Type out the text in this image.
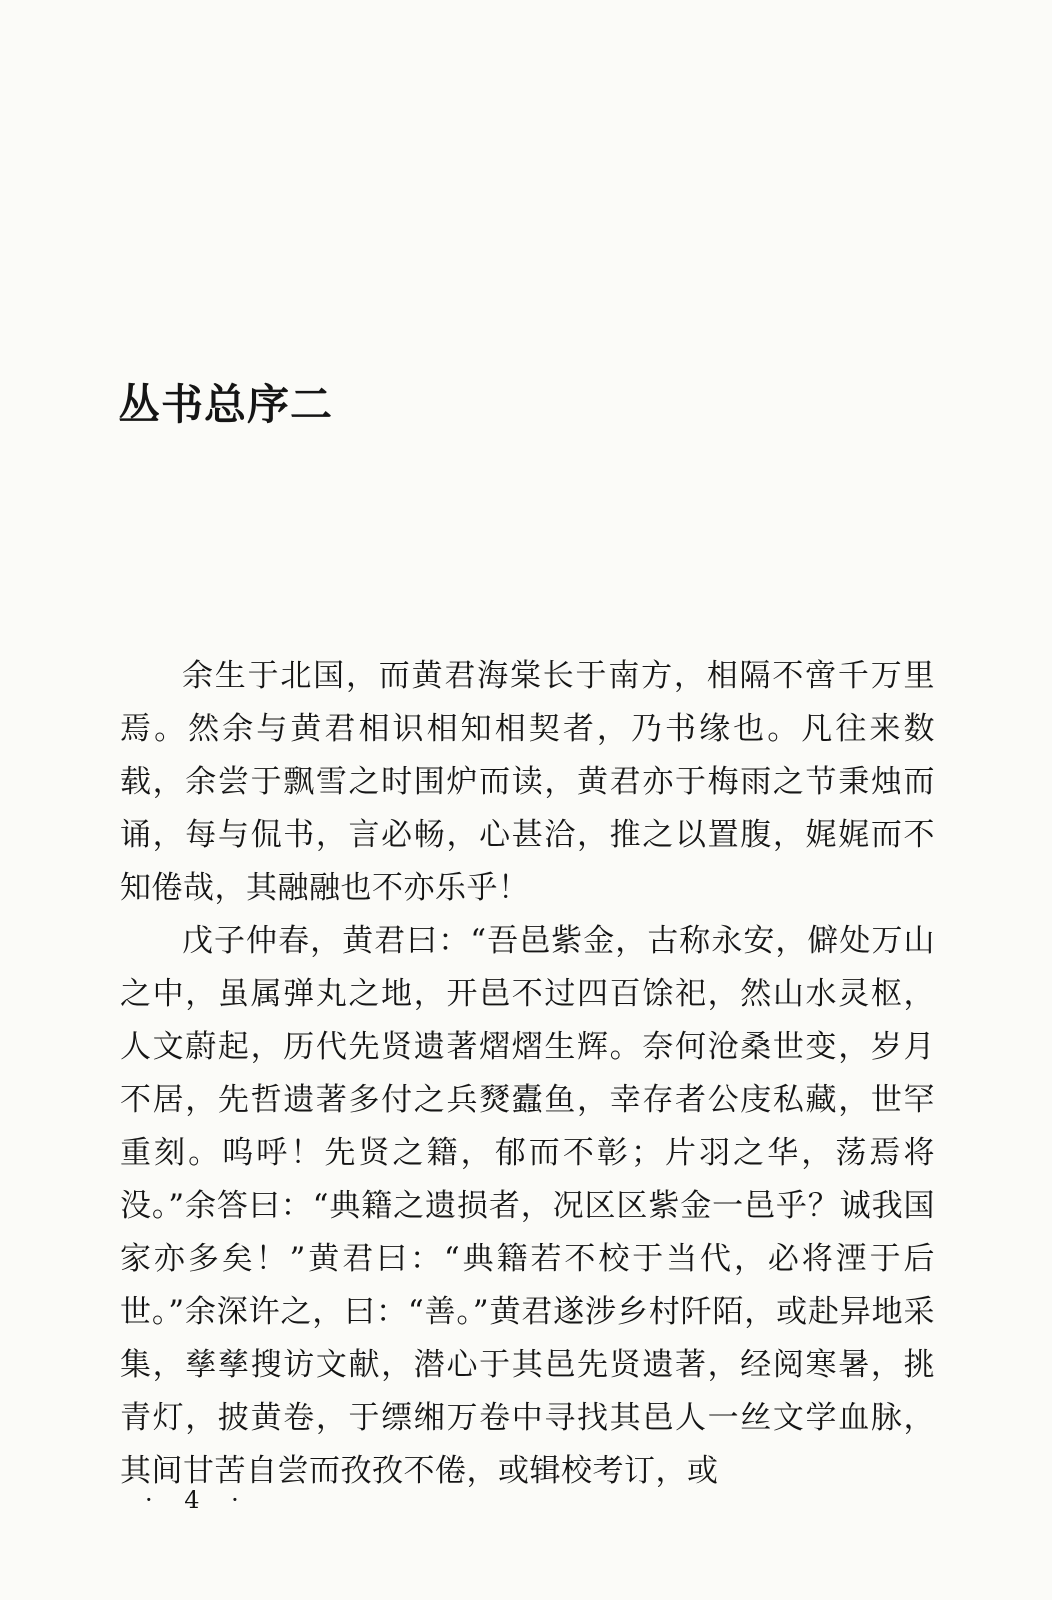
丛书总序二

余生于北国，而黄君海棠长于南方，相隔不啻千万里焉。然余与黄君相识相知相契者，乃书缘也。凡往来数载，余尝于飘雪之时围炉而读，黄君亦于梅雨之节秉烛而诵，每与侃书，言必畅，心甚洽，推之以置腹，娓娓而不知倦哉，其融融也不亦乐乎！

戊子仲春，黄君曰：“吾邑紫金，古称永安，僻处万山之中，虽属弹丸之地，开邑不过四百馀祀，然山水灵枢，人文蔚起，历代先贤遗著熠熠生辉。奈何沧桑世变，岁月不居，先哲遗著多付之兵燹蠹鱼，幸存者公庋私藏，世罕重刻。呜呼！先贤之籍，郁而不彰；片羽之华，荡焉将没。”余答曰：“典籍之遗损者，况区区紫金一邑乎？诚我国家亦多矣！”黄君曰：“典籍若不校于当代，必将湮于后世。”余深许之，曰：“善。”黄君遂涉乡村阡陌，或赴异地采集，孳孳搜访文献，潜心于其邑先贤遗著，经阅寒暑，挑青灯，披黄卷，于缥缃万卷中寻找其邑人一丝文学血脉，其间甘苦自尝而孜孜不倦，或辑校考订，或

· 4 ·
